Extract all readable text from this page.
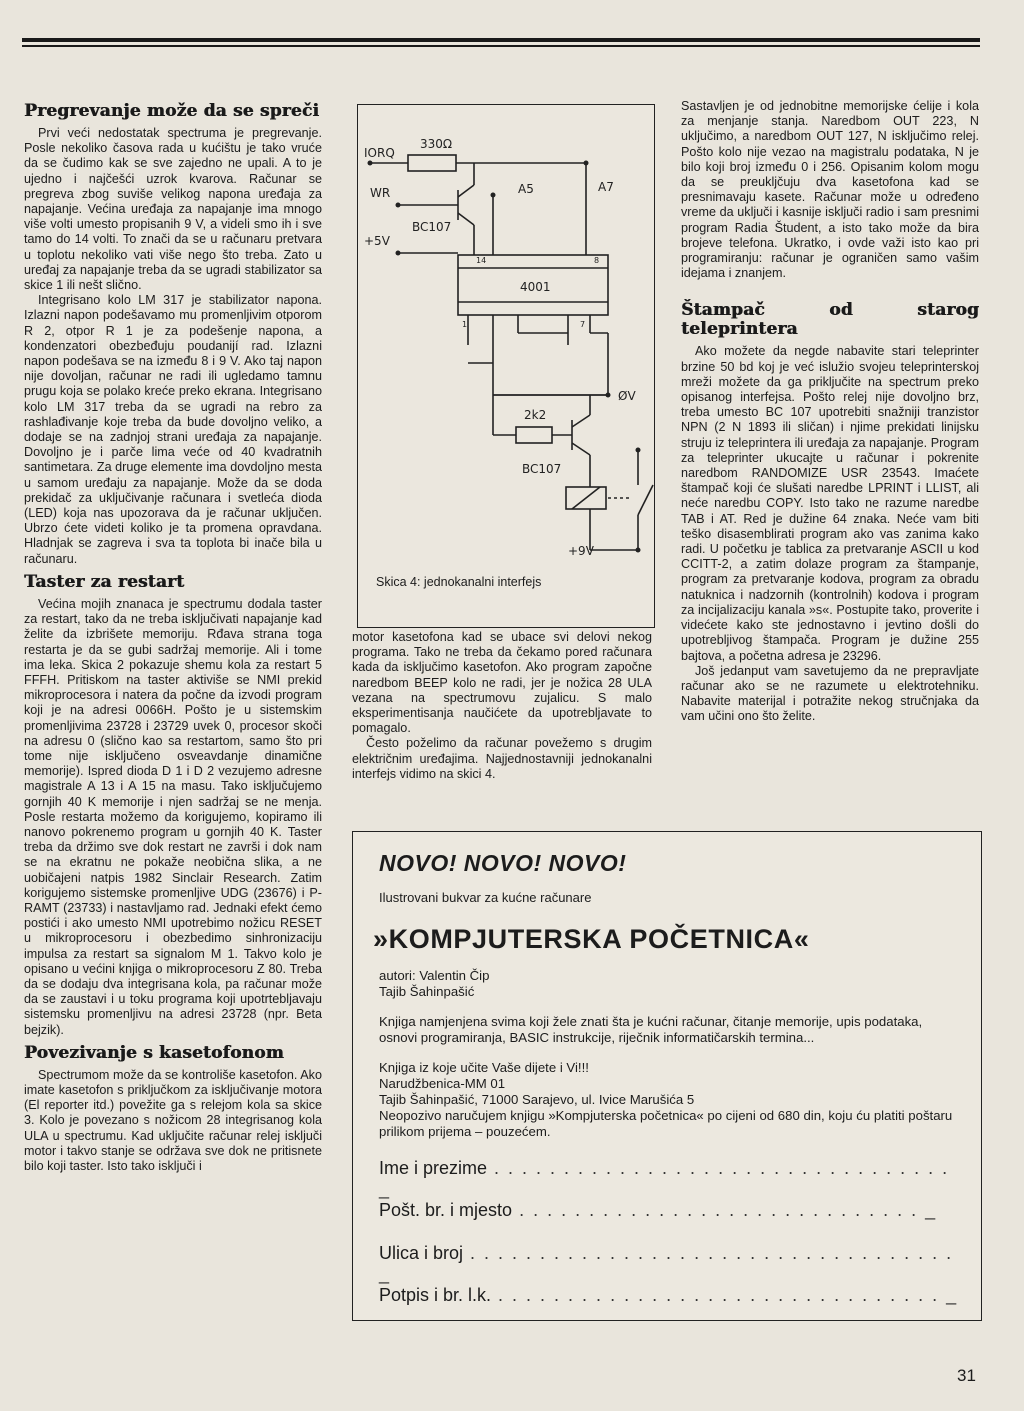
Pregrevanje može da se spreči

Prvi veći nedostatak spectruma je pregrevanje. Posle nekoliko časova rada u kućištu je tako vruće da se čudimo kak se sve zajedno ne upali. A to je ujedno i najčešći uzrok kvarova. Računar se pregreva zbog suviše velikog napona uređaja za napajanje. Većina uređaja za napajanje ima mnogo više volti umesto propisanih 9 V, a videli smo ih i sve tamo do 14 volti. To znači da se u računaru pretvara u toplotu nekoliko vati više nego što treba. Zato u uređaj za napajanje treba da se ugradi stabilizator sa skice 1 ili nešt slično.

Integrisano kolo LM 317 je stabilizator napona. Izlazni napon podešavamo mu promenljivim otporom R 2, otpor R 1 je za podešenje napona, a kondenzatori obezbeđuju poudanijí rad. Izlazni napon podešava se na između 8 i 9 V. Ako taj napon nije dovoljan, računar ne radi ili ugledamo tamnu prugu koja se polako kreće preko ekrana. Integrisano kolo LM 317 treba da se ugradi na rebro za rashlađivanje koje treba da bude dovoljno veliko, a dodaje se na zadnjoj strani uređaja za napajanje. Dovoljno je i parče lima veće od 40 kvadratnih santimetara. Za druge elemente ima dovdoljno mesta u samom uređaju za napajanje. Može da se doda prekidač za uključivanje računara i svetleća dioda (LED) koja nas upozorava da je računar uključen. Ubrzo ćete videti koliko je ta promena opravdana. Hladnjak se zagreva i sva ta toplota bi inače bila u računaru.

Taster za restart

Većina mojih znanaca je spectrumu dodala taster za restart, tako da ne treba isključivati napajanje kad želite da izbrišete memoriju. Rđava strana toga restarta je da se gubi sadržaj memorije. Ali i tome ima leka. Skica 2 pokazuje shemu kola za restart 5 FFFH. Pritiskom na taster aktiviše se NMI prekid mikroprocesora i natera da počne da izvodi program koji je na adresi 0066H. Pošto je u sistemskim promenljivima 23728 i 23729 uvek 0, procesor skoči na adresu 0 (slično kao sa restartom, samo što pri tome nije isključeno osveavdanje dinamične memorije). Ispred dioda D 1 i D 2 vezujemo adresne magistrale A 13 i A 15 na masu. Tako isključujemo gornjih 40 K memorije i njen sadržaj se ne menja. Posle restarta možemo da korigujemo, kopiramo ili nanovo pokrenemo program u gornjih 40 K. Taster treba da držimo sve dok restart ne završi i dok nam se na ekratnu ne pokaže neobična slika, a ne uobičajeni natpis 1982 Sinclair Research. Zatim korigujemo sistemske promenljive UDG (23676) i P-RAMT (23733) i nastavljamo rad. Jednaki efekt ćemo postići i ako umesto NMI upotrebimo nožicu RESET u mikroprocesoru i obezbedimo sinhronizaciju impulsa za restart sa signalom M 1. Takvo kolo je opisano u većini knjiga o mikroprocesoru Z 80. Treba da se dodaju dva integrisana kola, pa računar može da se zaustavi i u toku programa koji upotrtebljavaju sistemsku promenljivu na adresi 23728 (npr. Beta bejzik).

Povezivanje s kasetofonom

Spectrumom može da se kontroliše kasetofon. Ako imate kasetofon s priključkom za isključivanje motora (El reporter itd.) povežite ga s relejom kola sa skice 3. Kolo je povezano s nožicom 28 integrisanog kola ULA u spectrumu. Kad uključite računar relej isključi motor i takvo stanje se održava sve dok ne pritisnete bilo koji taster. Isto tako isključi i

IORQ
WR
+5V
330Ω
BC107
A5	A7
4001
14	8
1	7
ØV
2k2
BC107
+9V
Skica 4: jednokanalni interfejs

motor kasetofona kad se ubace svi delovi nekog programa. Tako ne treba da čekamo pored računara kada da isključimo kasetofon. Ako program započne naredbom BEEP kolo ne radi, jer je nožica 28 ULA vezana na spectrumovu zujalicu. S malo eksperimentisanja naučićete da upotrebljavate to pomagalo.

Često poželimo da računar povežemo s drugim električnim uređajima. Najjednostavniji jednokanalni interfejs vidimo na skici 4.

Sastavljen je od jednobitne memorijske ćelije i kola za menjanje stanja. Naredbom OUT 223, N uključimo, a naredbom OUT 127, N isključimo relej. Pošto kolo nije vezao na magistralu podataka, N je bilo koji broj između 0 i 256. Opisanim kolom mogu da se preukljčuju dva kasetofona kad se presnimavaju kasete. Računar može u određeno vreme da uključi i kasnije isključi radio i sam presnimi program Radia Študent, a isto tako može da bira brojeve telefona. Ukratko, i ovde važi isto kao pri programiranju: računar je ograničen samo vašim idejama i znanjem.

Štampač od starog teleprintera

Ako možete da negde nabavite stari teleprinter brzine 50 bd koj je već islužio svojeu teleprinterskoj mreži možete da ga priključite na spectrum preko opisanog interfejsa. Pošto relej nije dovoljno brz, treba umesto BC 107 upotrebiti snažniji tranzistor NPN (2 N 1893 ili sličan) i njime prekidati linijsku struju iz teleprintera ili uređaja za napajanje. Program za teleprinter ukucajte u računar i pokrenite naredbom RANDOMIZE USR 23543. Imaćete štampač koji će slušati naredbe LPRINT i LLIST, ali neće naredbu COPY. Isto tako ne razume naredbe TAB i AT. Red je dužine 64 znaka. Neće vam biti teško disasemblirati program ako vas zanima kako radi. U početku je tablica za pretvaranje ASCII u kod CCITT-2, a zatim dolaze program za štampanje, program za pretvaranje kodova, program za obradu natuknica i nadzornih (kontrolnih) kodova i program za incijalizaciju kanala »s«. Postupite tako, proverite i videćete kako ste jednostavno i jevtino došli do upotrebljivog štampača. Program je dužine 255 bajtova, a početna adresa je 23296.

Još jedanput vam savetujemo da ne prepravljate računar ako se ne razumete u elektrotehniku. Nabavite materijal i potražite nekog stručnjaka da vam učini ono što želite.

NOVO! NOVO! NOVO!
Ilustrovani bukvar za kućne računare
»KOMPJUTERSKA POČETNICA«
autori: Valentin Čip
Tajib Šahinpašić
Knjiga namjenjena svima koji žele znati šta je kućni računar, čitanje memorije, upis podataka, osnovi programiranja, BASIC instrukcije, riječnik informatičarskih termina...
Knjiga iz koje učite Vaše dijete i Vi!!!
Narudžbenica-MM 01
Tajib Šahinpašić, 71000 Sarajevo, ul. Ivice Marušića 5
Neopozivo naručujem knjigu »Kompjuterska početnica« po cijeni od 680 din, koju ću platiti poštaru prilikom prijema – pouzećem.
Ime i prezime . . . . . . . . . . . . . . . . . . . . . . . . . . . . . . . . . _
Pošt. br. i mjesto . . . . . . . . . . . . . . . . . . . . . . . . . . . . . _
Ulica i broj . . . . . . . . . . . . . . . . . . . . . . . . . . . . . . . . . . . _
Potpis i br. l.k. . . . . . . . . . . . . . . . . . . . . . . . . . . . . . . . . _
31
